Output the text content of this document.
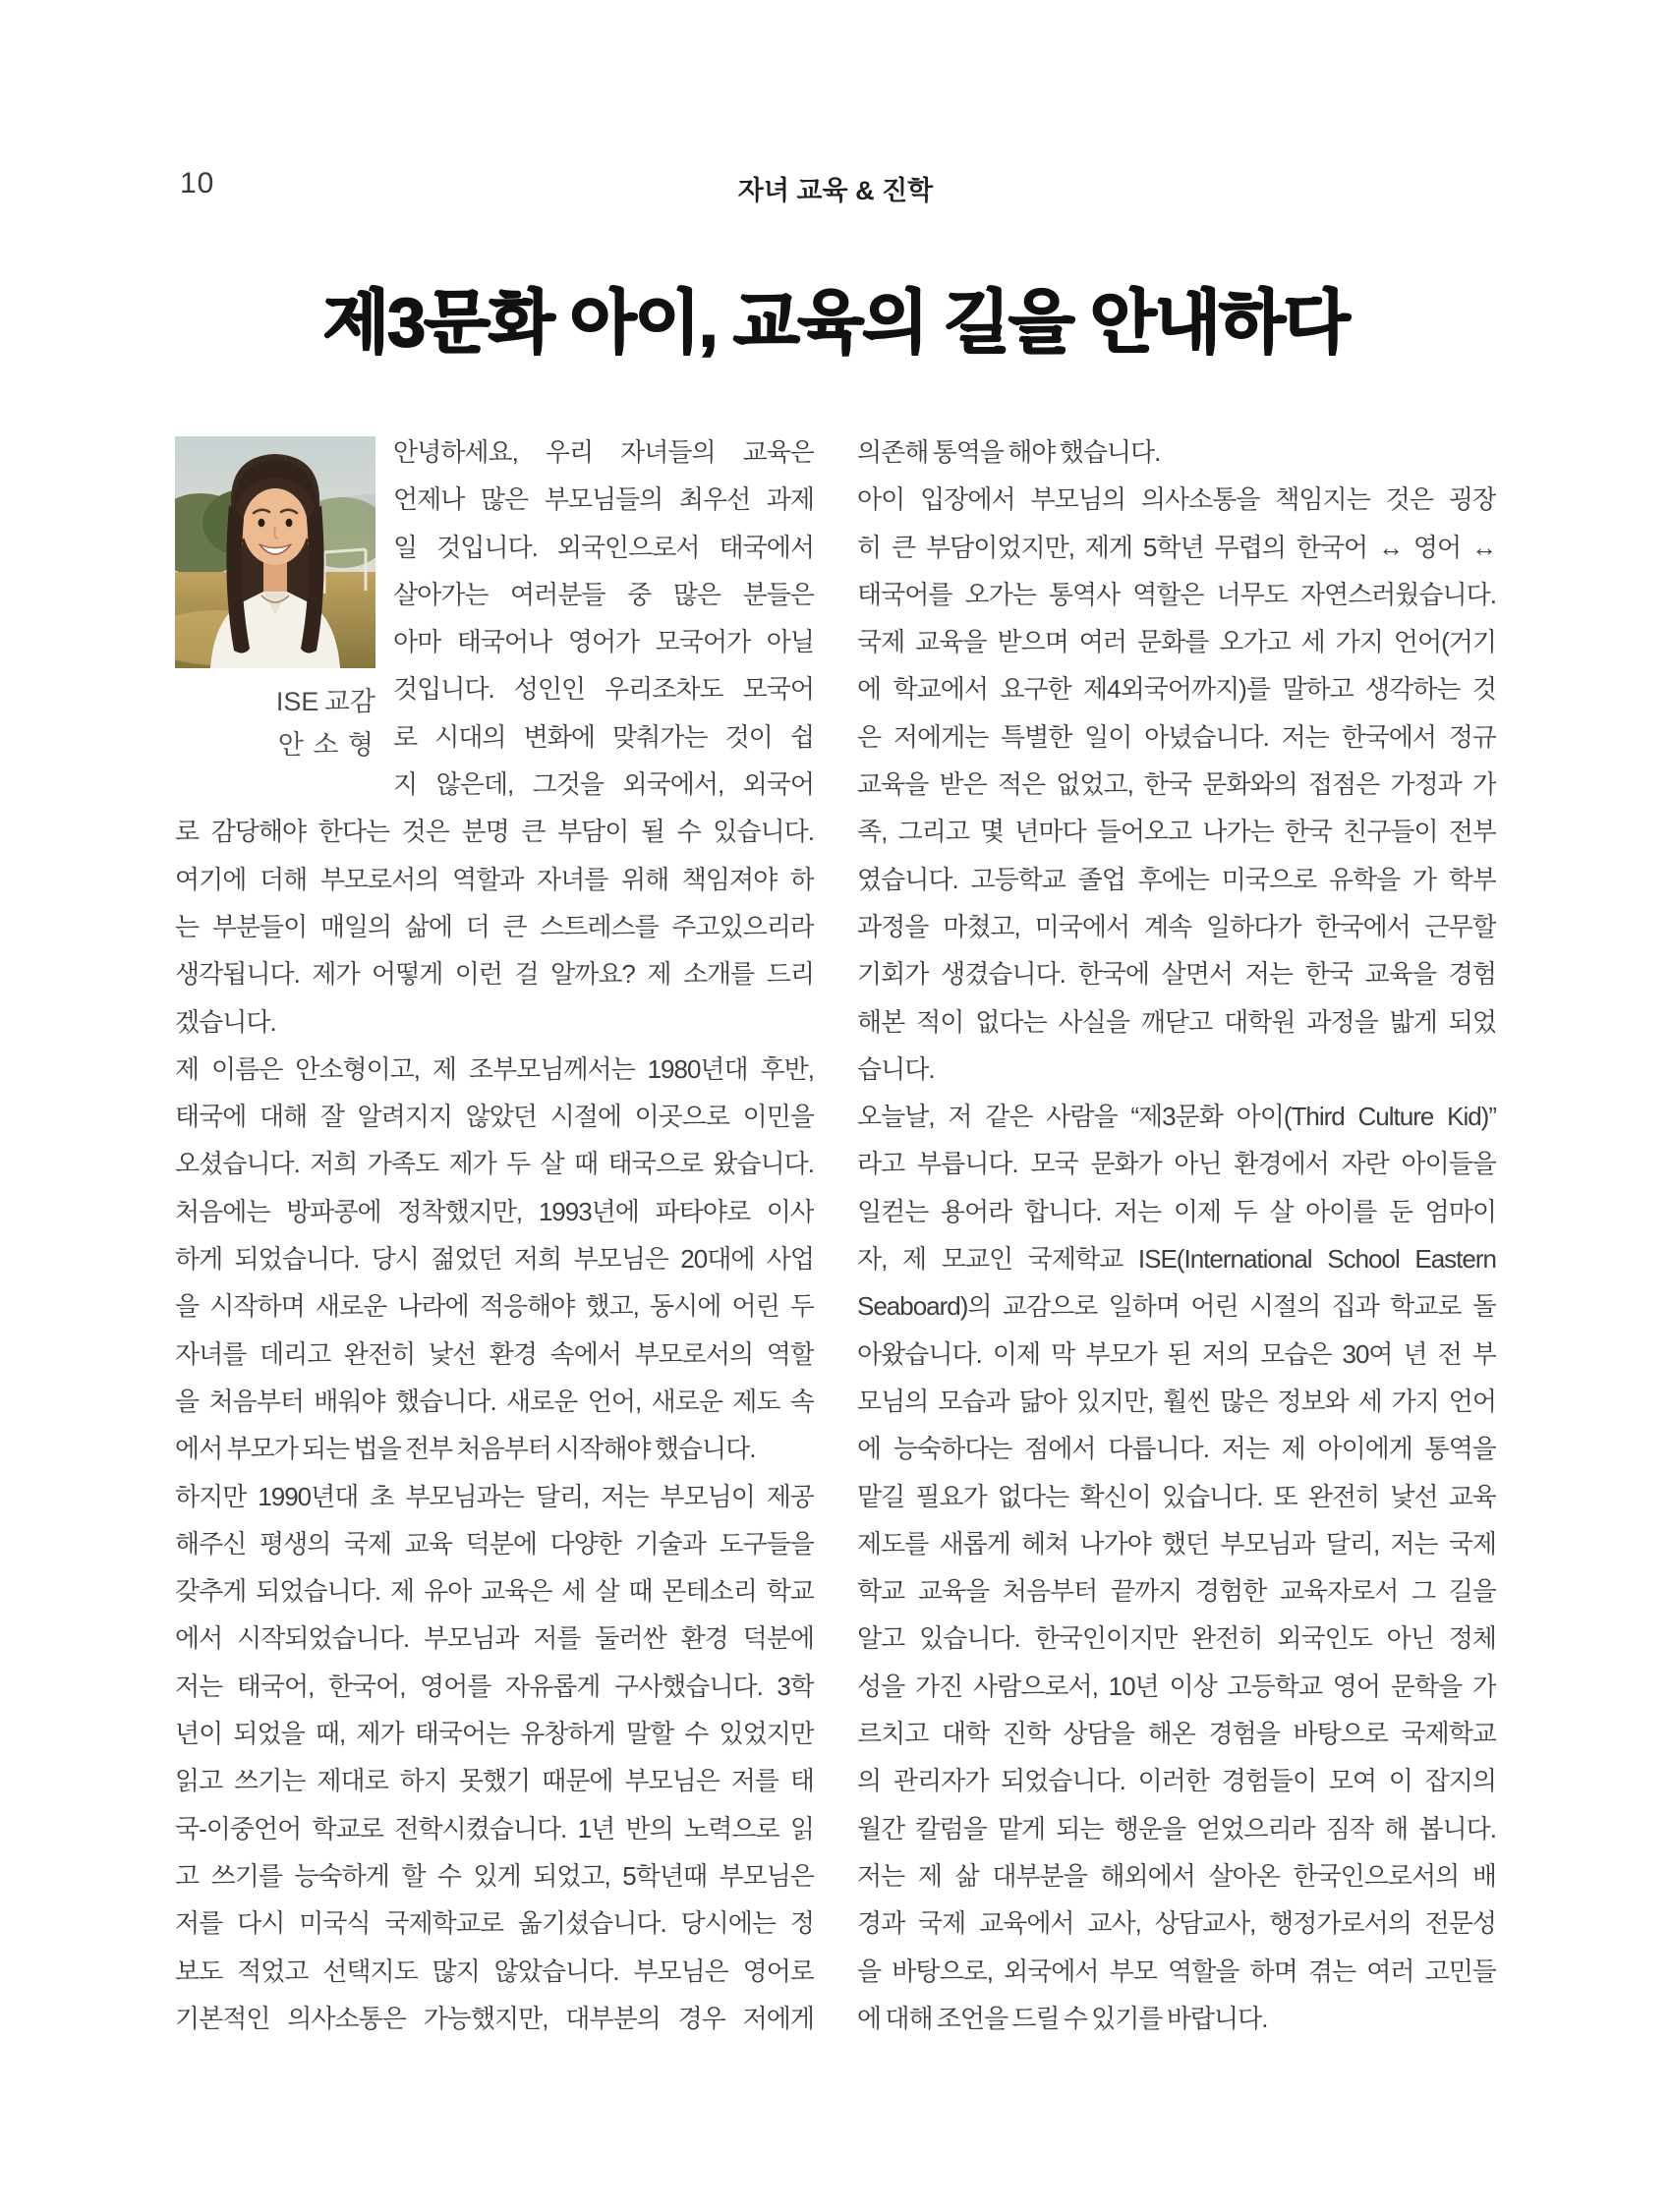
10	자녀 교육 & 진학
제3문화 아이, 교육의 길을 안내하다
ISE 교감
안 소 형
안녕하세요, 우리 자녀들의 교육은
언제나 많은 부모님들의 최우선 과제
일 것입니다. 외국인으로서 태국에서
살아가는 여러분들 중 많은 분들은
아마 태국어나 영어가 모국어가 아닐
것입니다. 성인인 우리조차도 모국어
로 시대의 변화에 맞춰가는 것이 쉽
지 않은데, 그것을 외국에서, 외국어
로 감당해야 한다는 것은 분명 큰 부담이 될 수 있습니다.
여기에 더해 부모로서의 역할과 자녀를 위해 책임져야 하
는 부분들이 매일의 삶에 더 큰 스트레스를 주고있으리라
생각됩니다. 제가 어떻게 이런 걸 알까요? 제 소개를 드리
겠습니다.
제 이름은 안소형이고, 제 조부모님께서는 1980년대 후반,
태국에 대해 잘 알려지지 않았던 시절에 이곳으로 이민을
오셨습니다. 저희 가족도 제가 두 살 때 태국으로 왔습니다.
처음에는 방파콩에 정착했지만, 1993년에 파타야로 이사
하게 되었습니다. 당시 젊었던 저희 부모님은 20대에 사업
을 시작하며 새로운 나라에 적응해야 했고, 동시에 어린 두
자녀를 데리고 완전히 낯선 환경 속에서 부모로서의 역할
을 처음부터 배워야 했습니다. 새로운 언어, 새로운 제도 속
에서 부모가 되는 법을 전부 처음부터 시작해야 했습니다.
하지만 1990년대 초 부모님과는 달리, 저는 부모님이 제공
해주신 평생의 국제 교육 덕분에 다양한 기술과 도구들을
갖추게 되었습니다. 제 유아 교육은 세 살 때 몬테소리 학교
에서 시작되었습니다. 부모님과 저를 둘러싼 환경 덕분에
저는 태국어, 한국어, 영어를 자유롭게 구사했습니다. 3학
년이 되었을 때, 제가 태국어는 유창하게 말할 수 있었지만
읽고 쓰기는 제대로 하지 못했기 때문에 부모님은 저를 태
국-이중언어 학교로 전학시켰습니다. 1년 반의 노력으로 읽
고 쓰기를 능숙하게 할 수 있게 되었고, 5학년때 부모님은
저를 다시 미국식 국제학교로 옮기셨습니다. 당시에는 정
보도 적었고 선택지도 많지 않았습니다. 부모님은 영어로
기본적인 의사소통은 가능했지만, 대부분의 경우 저에게
의존해 통역을 해야 했습니다.
아이 입장에서 부모님의 의사소통을 책임지는 것은 굉장
히 큰 부담이었지만, 제게 5학년 무렵의 한국어 ↔ 영어 ↔
태국어를 오가는 통역사 역할은 너무도 자연스러웠습니다.
국제 교육을 받으며 여러 문화를 오가고 세 가지 언어(거기
에 학교에서 요구한 제4외국어까지)를 말하고 생각하는 것
은 저에게는 특별한 일이 아녔습니다. 저는 한국에서 정규
교육을 받은 적은 없었고, 한국 문화와의 접점은 가정과 가
족, 그리고 몇 년마다 들어오고 나가는 한국 친구들이 전부
였습니다. 고등학교 졸업 후에는 미국으로 유학을 가 학부
과정을 마쳤고, 미국에서 계속 일하다가 한국에서 근무할
기회가 생겼습니다. 한국에 살면서 저는 한국 교육을 경험
해본 적이 없다는 사실을 깨닫고 대학원 과정을 밟게 되었
습니다.
오늘날, 저 같은 사람을 “제3문화 아이(Third Culture Kid)”
라고 부릅니다. 모국 문화가 아닌 환경에서 자란 아이들을
일컫는 용어라 합니다. 저는 이제 두 살 아이를 둔 엄마이
자, 제 모교인 국제학교 ISE(International School Eastern
Seaboard)의 교감으로 일하며 어린 시절의 집과 학교로 돌
아왔습니다. 이제 막 부모가 된 저의 모습은 30여 년 전 부
모님의 모습과 닮아 있지만, 훨씬 많은 정보와 세 가지 언어
에 능숙하다는 점에서 다릅니다. 저는 제 아이에게 통역을
맡길 필요가 없다는 확신이 있습니다. 또 완전히 낯선 교육
제도를 새롭게 헤쳐 나가야 했던 부모님과 달리, 저는 국제
학교 교육을 처음부터 끝까지 경험한 교육자로서 그 길을
알고 있습니다. 한국인이지만 완전히 외국인도 아닌 정체
성을 가진 사람으로서, 10년 이상 고등학교 영어 문학을 가
르치고 대학 진학 상담을 해온 경험을 바탕으로 국제학교
의 관리자가 되었습니다. 이러한 경험들이 모여 이 잡지의
월간 칼럼을 맡게 되는 행운을 얻었으리라 짐작 해 봅니다.
저는 제 삶 대부분을 해외에서 살아온 한국인으로서의 배
경과 국제 교육에서 교사, 상담교사, 행정가로서의 전문성
을 바탕으로, 외국에서 부모 역할을 하며 겪는 여러 고민들
에 대해 조언을 드릴 수 있기를 바랍니다.
